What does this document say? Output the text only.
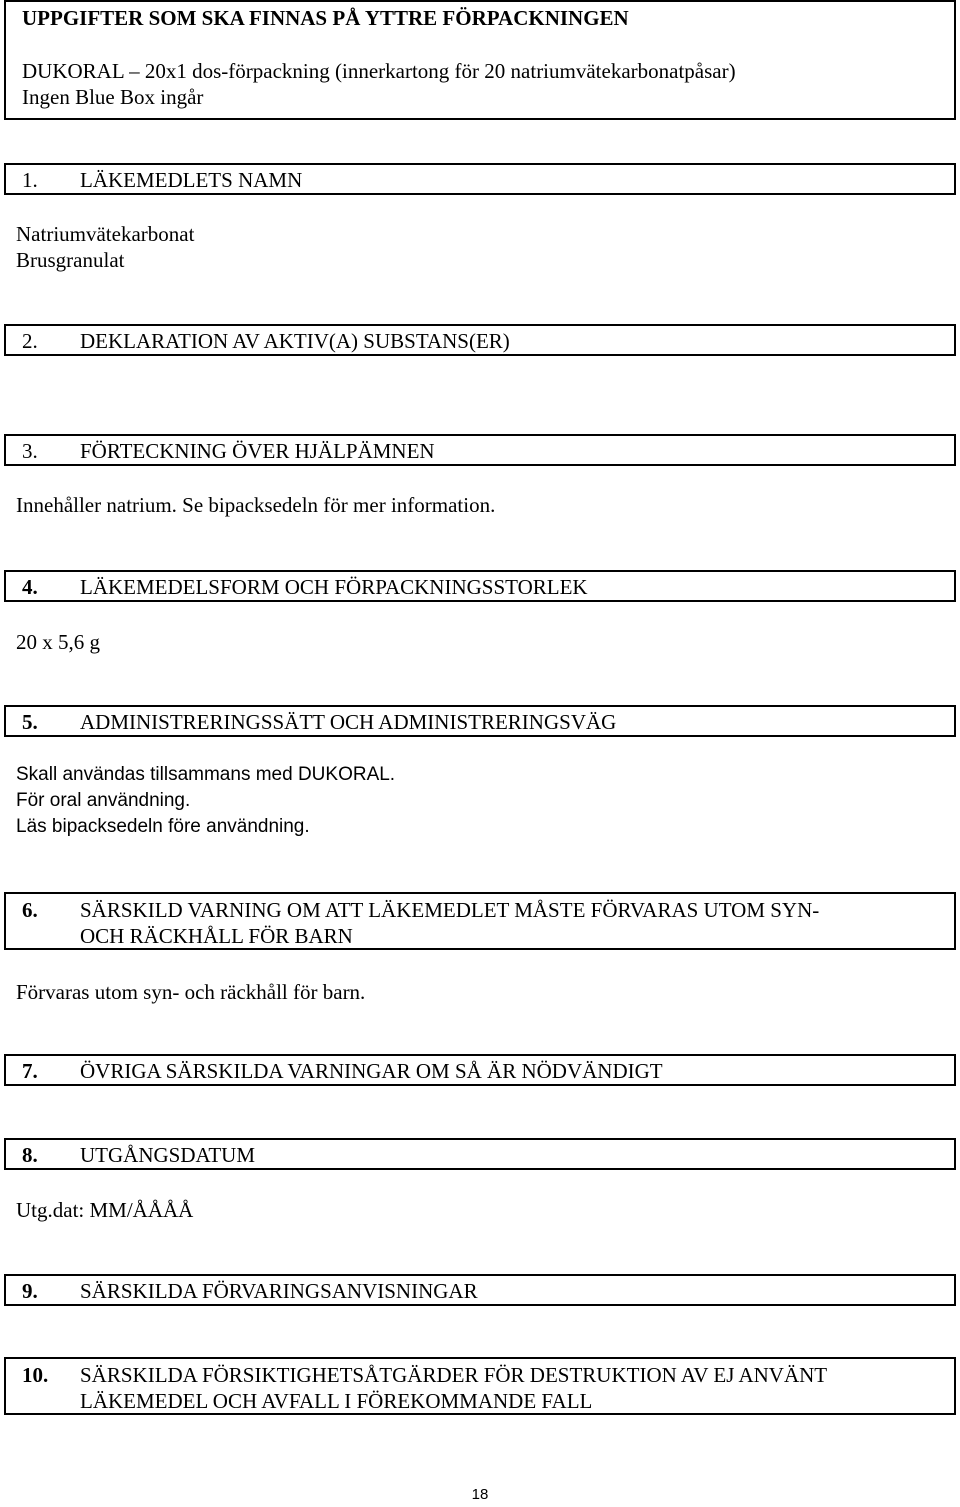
UPPGIFTER SOM SKA FINNAS PÅ YTTRE FÖRPACKNINGEN
DUKORAL – 20x1 dos-förpackning (innerkartong för 20 natriumvätekarbonatpåsar)
Ingen Blue Box ingår
1. LÄKEMEDLETS NAMN
Natriumvätekarbonat
Brusgranulat
2. DEKLARATION AV AKTIV(A) SUBSTANS(ER)
3. FÖRTECKNING ÖVER HJÄLPÄMNEN
Innehåller natrium. Se bipacksedeln för mer information.
4. LÄKEMEDELSFORM OCH FÖRPACKNINGSSTORLEK
20 x 5,6 g
5. ADMINISTRERINGSSÄTT OCH ADMINISTRERINGSVÄG
Skall användas tillsammans med DUKORAL.
För oral användning.
Läs bipacksedeln före användning.
6. SÄRSKILD VARNING OM ATT LÄKEMEDLET MÅSTE FÖRVARAS UTOM SYN-
OCH RÄCKHÅLL FÖR BARN
Förvaras utom syn- och räckhåll för barn.
7. ÖVRIGA SÄRSKILDA VARNINGAR OM SÅ ÄR NÖDVÄNDIGT
8. UTGÅNGSDATUM
Utg.dat: MM/ÅÅÅÅ
9. SÄRSKILDA FÖRVARINGSANVISNINGAR
10. SÄRSKILDA FÖRSIKTIGHETSÅTGÄRDER FÖR DESTRUKTION AV EJ ANVÄNT
LÄKEMEDEL OCH AVFALL I FÖREKOMMANDE FALL
18
